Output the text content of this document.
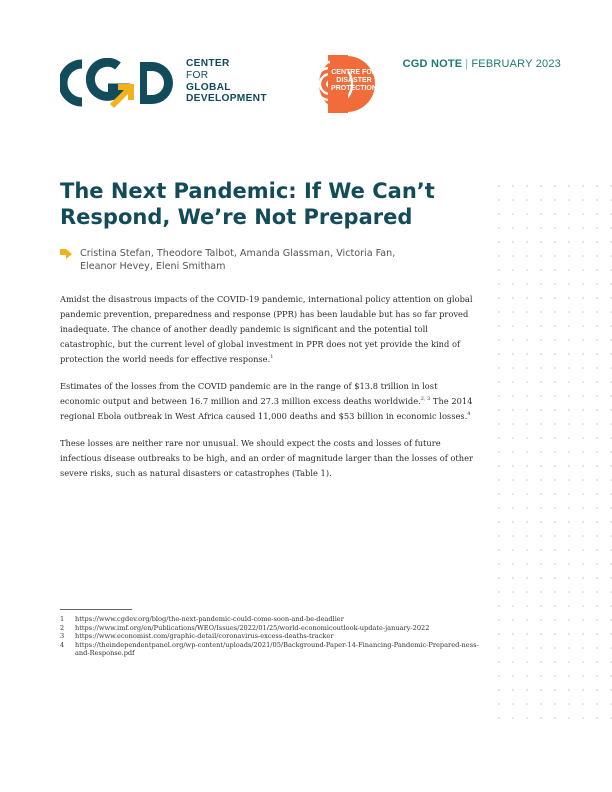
CENTER
FOR
GLOBAL
DEVELOPMENT
CENTRE FOR
DISASTER
PROTECTION
CGD NOTE | FEBRUARY 2023
The Next Pandemic: If We Can’t Respond, We’re Not Prepared
Cristina Stefan, Theodore Talbot, Amanda Glassman, Victoria Fan,
Eleanor Hevey, Eleni Smitham

Amidst the disastrous impacts of the COVID-19 pandemic, international policy attention on global pandemic prevention, preparedness and response (PPR) has been laudable but has so far proved inadequate. The chance of another deadly pandemic is significant and the potential toll catastrophic, but the current level of global investment in PPR does not yet provide the kind of protection the world needs for effective response.$^1$

Estimates of the losses from the COVID pandemic are in the range of $13.8 trillion in lost economic output and between 16.7 million and 27.3 million excess deaths worldwide.$^{2, 3}$ The 2014 regional Ebola outbreak in West Africa caused 11,000 deaths and $53 billion in economic losses.$^4$

These losses are neither rare nor unusual. We should expect the costs and losses of future infectious disease outbreaks to be high, and an order of magnitude larger than the losses of other severe risks, such as natural disasters or catastrophes (Table 1).

1	https://www.cgdev.org/blog/the-next-pandemic-could-come-soon-and-be-deadlier
2	https://www.imf.org/en/Publications/WEO/Issues/2022/01/25/world-economicoutlook-update-january-2022
3	https://www.economist.com/graphic-detail/coronavirus-excess-deaths-tracker
4	https://theindependentpanel.org/wp-content/uploads/2021/05/Background-Paper-14-Financing-Pandemic-Prepared-ness-and-Response.pdf
